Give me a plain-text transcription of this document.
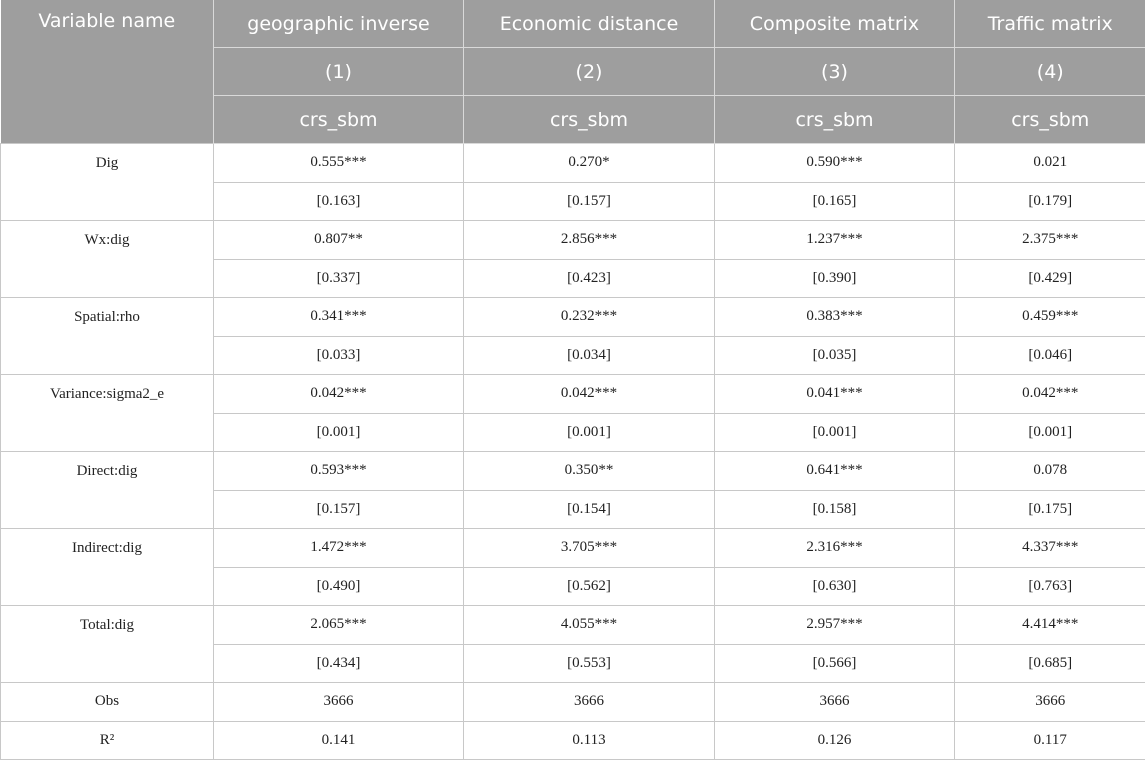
Variable name	geographic inverse	Economic distance	Composite matrix	Traffic matrix
	(1)	(2)	(3)	(4)
	crs_sbm	crs_sbm	crs_sbm	crs_sbm
Dig	0.555***	0.270*	0.590***	0.021
	[0.163]	[0.157]	[0.165]	[0.179]
Wx:dig	0.807**	2.856***	1.237***	2.375***
	[0.337]	[0.423]	[0.390]	[0.429]
Spatial:rho	0.341***	0.232***	0.383***	0.459***
	[0.033]	[0.034]	[0.035]	[0.046]
Variance:sigma2_e	0.042***	0.042***	0.041***	0.042***
	[0.001]	[0.001]	[0.001]	[0.001]
Direct:dig	0.593***	0.350**	0.641***	0.078
	[0.157]	[0.154]	[0.158]	[0.175]
Indirect:dig	1.472***	3.705***	2.316***	4.337***
	[0.490]	[0.562]	[0.630]	[0.763]
Total:dig	2.065***	4.055***	2.957***	4.414***
	[0.434]	[0.553]	[0.566]	[0.685]
Obs	3666	3666	3666	3666
R²	0.141	0.113	0.126	0.117
